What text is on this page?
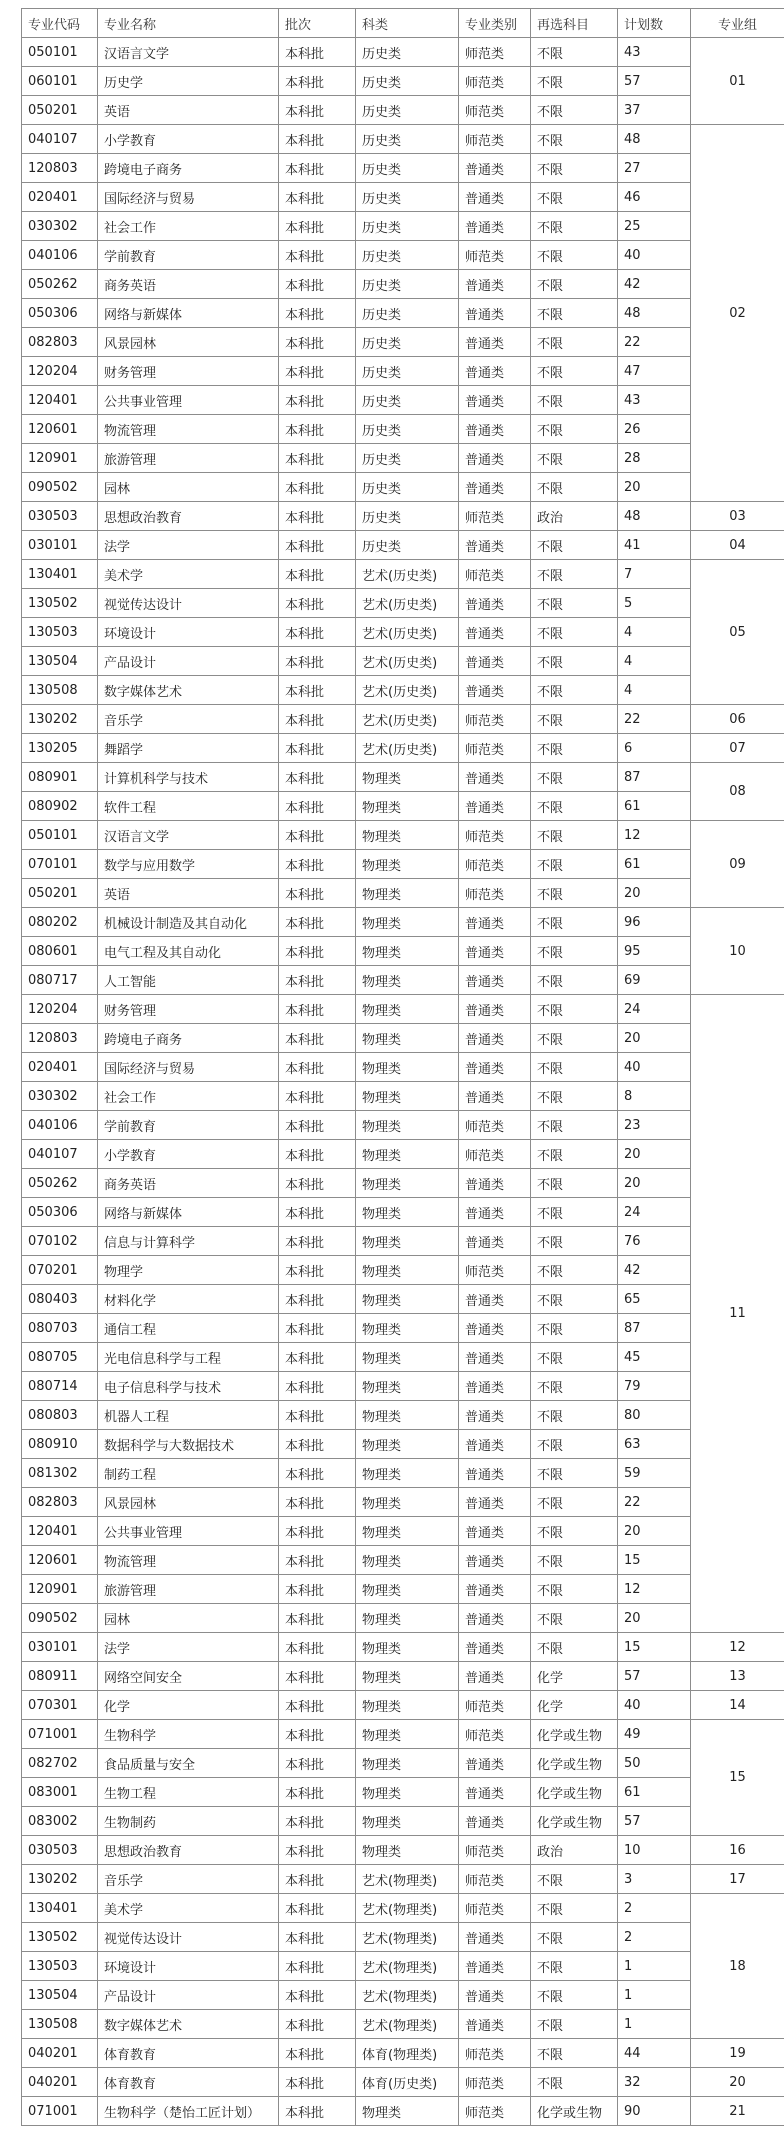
专业代码	专业名称	批次	科类	专业类别	再选科目	计划数	专业组
050101	汉语言文学	本科批	历史类	师范类	不限	43	01
060101	历史学	本科批	历史类	师范类	不限	57	
050201	英语	本科批	历史类	师范类	不限	37	
040107	小学教育	本科批	历史类	师范类	不限	48	02
120803	跨境电子商务	本科批	历史类	普通类	不限	27	
020401	国际经济与贸易	本科批	历史类	普通类	不限	46	
030302	社会工作	本科批	历史类	普通类	不限	25	
040106	学前教育	本科批	历史类	师范类	不限	40	
050262	商务英语	本科批	历史类	普通类	不限	42	
050306	网络与新媒体	本科批	历史类	普通类	不限	48	
082803	风景园林	本科批	历史类	普通类	不限	22	
120204	财务管理	本科批	历史类	普通类	不限	47	
120401	公共事业管理	本科批	历史类	普通类	不限	43	
120601	物流管理	本科批	历史类	普通类	不限	26	
120901	旅游管理	本科批	历史类	普通类	不限	28	
090502	园林	本科批	历史类	普通类	不限	20	
030503	思想政治教育	本科批	历史类	师范类	政治	48	03
030101	法学	本科批	历史类	普通类	不限	41	04
130401	美术学	本科批	艺术(历史类)	师范类	不限	7	05
130502	视觉传达设计	本科批	艺术(历史类)	普通类	不限	5	
130503	环境设计	本科批	艺术(历史类)	普通类	不限	4	
130504	产品设计	本科批	艺术(历史类)	普通类	不限	4	
130508	数字媒体艺术	本科批	艺术(历史类)	普通类	不限	4	
130202	音乐学	本科批	艺术(历史类)	师范类	不限	22	06
130205	舞蹈学	本科批	艺术(历史类)	师范类	不限	6	07
080901	计算机科学与技术	本科批	物理类	普通类	不限	87	08
080902	软件工程	本科批	物理类	普通类	不限	61	
050101	汉语言文学	本科批	物理类	师范类	不限	12	09
070101	数学与应用数学	本科批	物理类	师范类	不限	61	
050201	英语	本科批	物理类	师范类	不限	20	
080202	机械设计制造及其自动化	本科批	物理类	普通类	不限	96	10
080601	电气工程及其自动化	本科批	物理类	普通类	不限	95	
080717	人工智能	本科批	物理类	普通类	不限	69	
120204	财务管理	本科批	物理类	普通类	不限	24	11
120803	跨境电子商务	本科批	物理类	普通类	不限	20	
020401	国际经济与贸易	本科批	物理类	普通类	不限	40	
030302	社会工作	本科批	物理类	普通类	不限	8	
040106	学前教育	本科批	物理类	师范类	不限	23	
040107	小学教育	本科批	物理类	师范类	不限	20	
050262	商务英语	本科批	物理类	普通类	不限	20	
050306	网络与新媒体	本科批	物理类	普通类	不限	24	
070102	信息与计算科学	本科批	物理类	普通类	不限	76	
070201	物理学	本科批	物理类	师范类	不限	42	
080403	材料化学	本科批	物理类	普通类	不限	65	
080703	通信工程	本科批	物理类	普通类	不限	87	
080705	光电信息科学与工程	本科批	物理类	普通类	不限	45	
080714	电子信息科学与技术	本科批	物理类	普通类	不限	79	
080803	机器人工程	本科批	物理类	普通类	不限	80	
080910	数据科学与大数据技术	本科批	物理类	普通类	不限	63	
081302	制药工程	本科批	物理类	普通类	不限	59	
082803	风景园林	本科批	物理类	普通类	不限	22	
120401	公共事业管理	本科批	物理类	普通类	不限	20	
120601	物流管理	本科批	物理类	普通类	不限	15	
120901	旅游管理	本科批	物理类	普通类	不限	12	
090502	园林	本科批	物理类	普通类	不限	20	
030101	法学	本科批	物理类	普通类	不限	15	12
080911	网络空间安全	本科批	物理类	普通类	化学	57	13
070301	化学	本科批	物理类	师范类	化学	40	14
071001	生物科学	本科批	物理类	师范类	化学或生物	49	15
082702	食品质量与安全	本科批	物理类	普通类	化学或生物	50	
083001	生物工程	本科批	物理类	普通类	化学或生物	61	
083002	生物制药	本科批	物理类	普通类	化学或生物	57	
030503	思想政治教育	本科批	物理类	师范类	政治	10	16
130202	音乐学	本科批	艺术(物理类)	师范类	不限	3	17
130401	美术学	本科批	艺术(物理类)	师范类	不限	2	18
130502	视觉传达设计	本科批	艺术(物理类)	普通类	不限	2	
130503	环境设计	本科批	艺术(物理类)	普通类	不限	1	
130504	产品设计	本科批	艺术(物理类)	普通类	不限	1	
130508	数字媒体艺术	本科批	艺术(物理类)	普通类	不限	1	
040201	体育教育	本科批	体育(物理类)	师范类	不限	44	19
040201	体育教育	本科批	体育(历史类)	师范类	不限	32	20
071001	生物科学（楚怡工匠计划）	本科批	物理类	师范类	化学或生物	90	21
